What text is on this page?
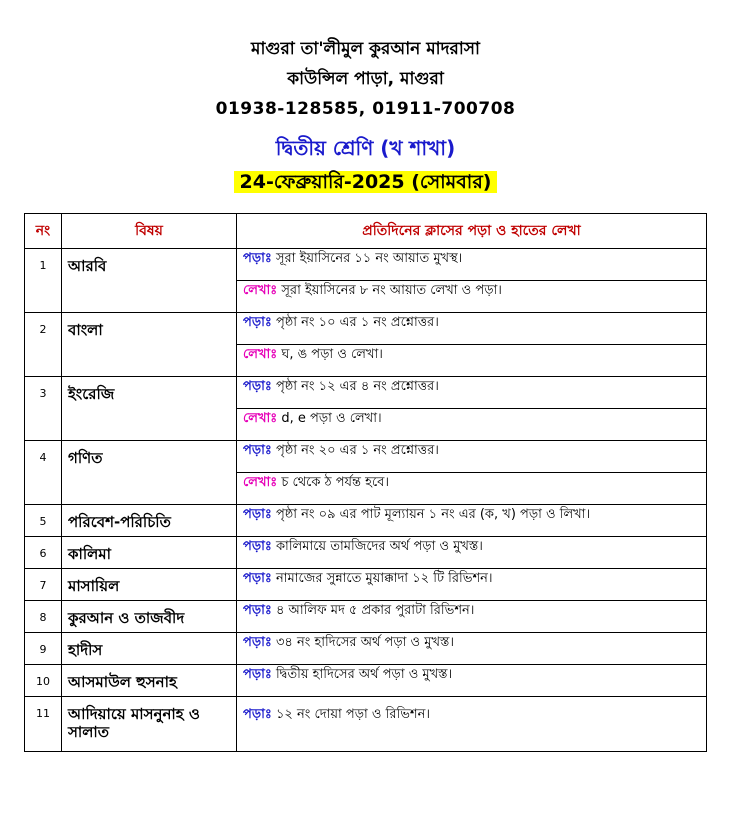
মাগুরা তা'লীমুল কুরআন মাদরাসা
কাউন্সিল পাড়া, মাগুরা
01938-128585, 01911-700708
দ্বিতীয় শ্রেণি (খ শাখা)
24-ফেব্রুয়ারি-2025 (সোমবার)
নং	বিষয়	প্রতিদিনের ক্লাসের পড়া ও হাতের লেখা
1	আরবি	পড়াঃ সূরা ইয়াসিনের ১১ নং আয়াত মুখস্থ।
		লেখাঃ সূরা ইয়াসিনের ৮ নং আয়াত লেখা ও পড়া।
2	বাংলা	পড়াঃ পৃষ্ঠা নং ১০ এর ১ নং প্রশ্নোত্তর।
		লেখাঃ ঘ, ঙ পড়া ও লেখা।
3	ইংরেজি	পড়াঃ পৃষ্ঠা নং ১২ এর ৪ নং প্রশ্নোত্তর।
		লেখাঃ d, e পড়া ও লেখা।
4	গণিত	পড়াঃ পৃষ্ঠা নং ২০ এর ১ নং প্রশ্নোত্তর।
		লেখাঃ চ থেকে ঠ পর্যন্ত হবে।
5	পরিবেশ-পরিচিতি	পড়াঃ পৃষ্ঠা নং ০৯ এর পাট মূল্যায়ন ১ নং এর (ক, খ) পড়া ও লিখা।
6	কালিমা	পড়াঃ কালিমায়ে তামজিদের অর্থ পড়া ও মুখস্ত।
7	মাসায়িল	পড়াঃ নামাজের সুন্নাতে মুয়াক্কাদা ১২ টি রিভিশন।
8	কুরআন ও তাজবীদ	পড়াঃ ৪ আলিফ মদ ৫ প্রকার পুরাটা রিভিশন।
9	হাদীস	পড়াঃ ৩৪ নং হাদিসের অর্থ পড়া ও মুখস্ত।
10	আসমাউল হুসনাহ	পড়াঃ দ্বিতীয় হাদিসের অর্থ পড়া ও মুখস্ত।
11	আদিয়ায়ে মাসনুনাহ ও সালাত	পড়াঃ ১২ নং দোয়া পড়া ও রিভিশন।
